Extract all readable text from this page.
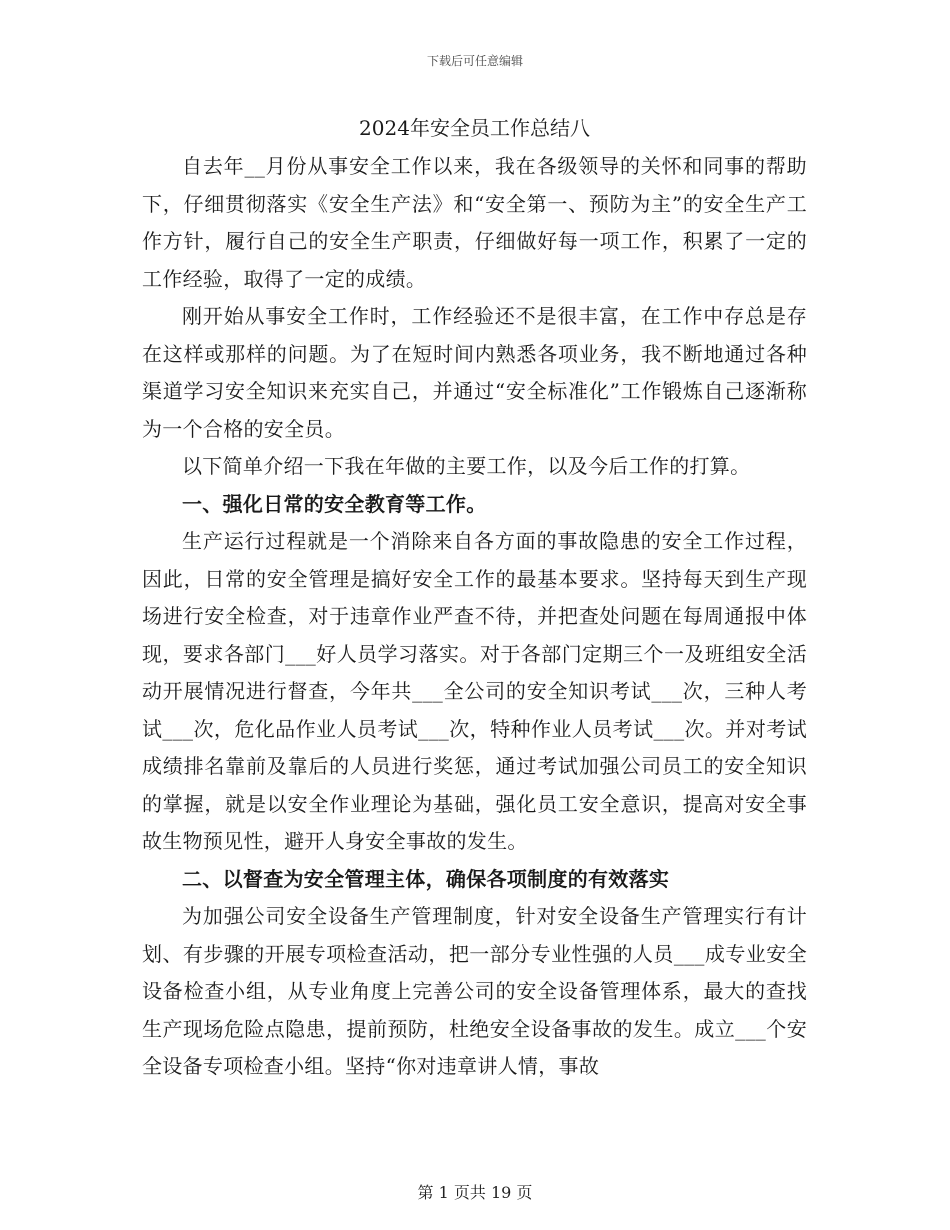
下载后可任意编辑
2024年安全员工作总结八

自去年__月份从事安全工作以来，我在各级领导的关怀和同事的帮助下，仔细贯彻落实《安全生产法》和“安全第一、预防为主”的安全生产工作方针，履行自己的安全生产职责，仔细做好每一项工作，积累了一定的工作经验，取得了一定的成绩。

刚开始从事安全工作时，工作经验还不是很丰富，在工作中存总是存在这样或那样的问题。为了在短时间内熟悉各项业务，我不断地通过各种渠道学习安全知识来充实自己，并通过“安全标准化”工作锻炼自己逐渐称为一个合格的安全员。

以下简单介绍一下我在年做的主要工作，以及今后工作的打算。

一、强化日常的安全教育等工作。

生产运行过程就是一个消除来自各方面的事故隐患的安全工作过程，因此，日常的安全管理是搞好安全工作的最基本要求。坚持每天到生产现场进行安全检查，对于违章作业严查不待，并把查处问题在每周通报中体现，要求各部门___好人员学习落实。对于各部门定期三个一及班组安全活动开展情况进行督查，今年共___全公司的安全知识考试___次，三种人考试___次，危化品作业人员考试___次，特种作业人员考试___次。并对考试成绩排名靠前及靠后的人员进行奖惩，通过考试加强公司员工的安全知识的掌握，就是以安全作业理论为基础，强化员工安全意识，提高对安全事故生物预见性，避开人身安全事故的发生。

二、以督查为安全管理主体，确保各项制度的有效落实

为加强公司安全设备生产管理制度，针对安全设备生产管理实行有计划、有步骤的开展专项检查活动，把一部分专业性强的人员___成专业安全设备检查小组，从专业角度上完善公司的安全设备管理体系，最大的查找生产现场危险点隐患，提前预防，杜绝安全设备事故的发生。成立___个安全设备专项检查小组。坚持“你对违章讲人情，事故

第 1 页共 19 页
